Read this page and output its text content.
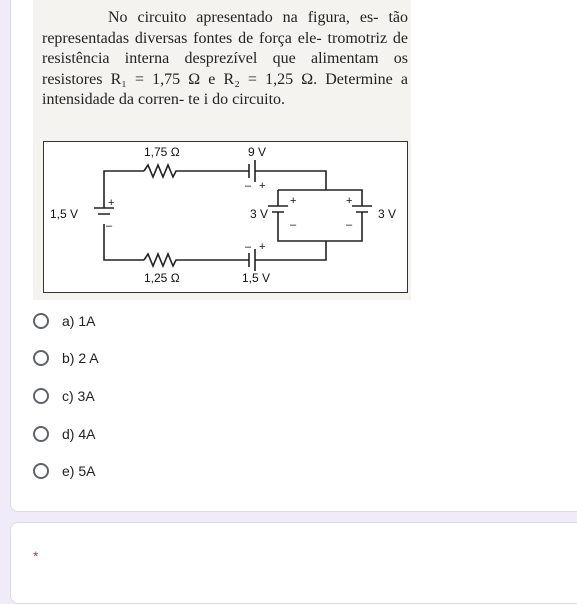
No circuito apresentado na figura, es- tão representadas diversas fontes de força ele- tromotriz de resistência interna desprezível que alimentam os resistores R₁ = 1,75 Ω e R₂ = 1,25 Ω. Determine a intensidade da corren- te i do circuito.
1,75 Ω
1,25 Ω
9 V
1,5 V
1,5 V	3 V	3 V
– +
– +
+
–
+
–
+
–
a) 1A
b) 2 A
c) 3A
d) 4A
e) 5A
*
